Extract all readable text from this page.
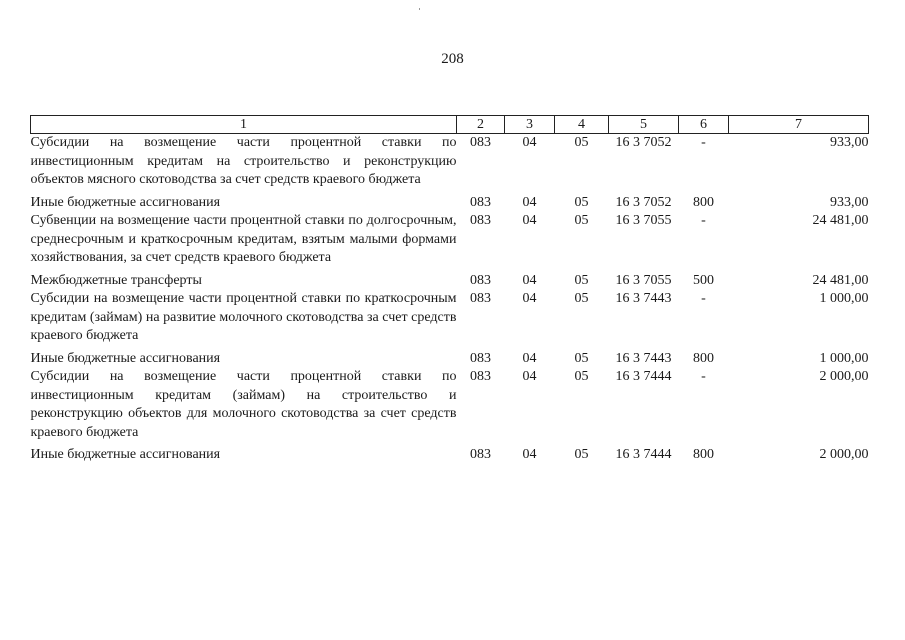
208
1	2	3	4	5	6	7
Субсидии на возмещение части процентной ставки по инвестиционным кредитам на строительство и реконструкцию объектов мясного скотоводства за счет средств краевого бюджета	083	04	05	16 3 7052	-	933,00
Иные бюджетные ассигнования	083	04	05	16 3 7052	800	933,00
Субвенции на возмещение части процентной ставки по долгосрочным, среднесрочным и краткосрочным кредитам, взятым малыми формами хозяйствования, за счет средств краевого бюджета	083	04	05	16 3 7055	-	24 481,00
Межбюджетные трансферты	083	04	05	16 3 7055	500	24 481,00
Субсидии на возмещение части процентной ставки по краткосрочным кредитам (займам) на развитие молочного скотоводства за счет средств краевого бюджета	083	04	05	16 3 7443	-	1 000,00
Иные бюджетные ассигнования	083	04	05	16 3 7443	800	1 000,00
Субсидии на возмещение части процентной ставки по инвестиционным кредитам (займам) на строительство и реконструкцию объектов для молочного скотоводства за счет средств краевого бюджета	083	04	05	16 3 7444	-	2 000,00
Иные бюджетные ассигнования	083	04	05	16 3 7444	800	2 000,00
